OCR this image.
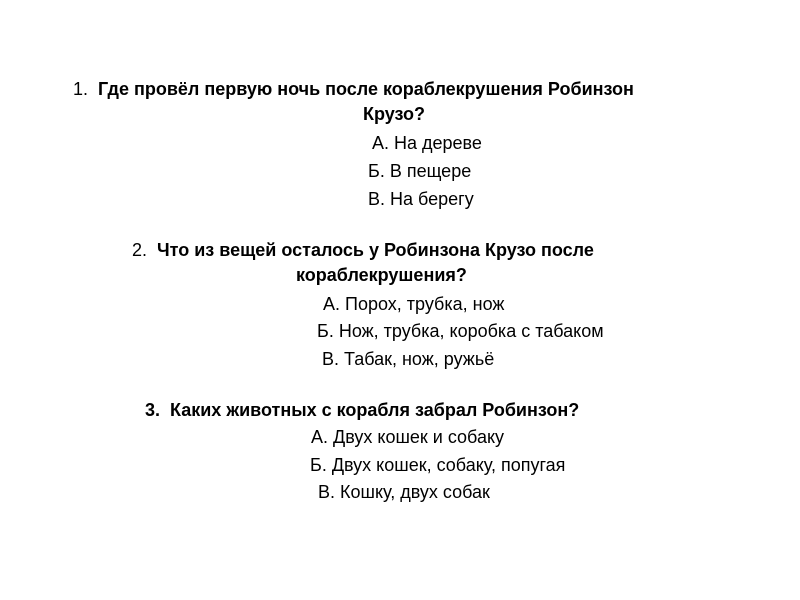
1. Где провёл первую ночь после кораблекрушения Робинзон
Крузо?
А. На дереве
Б. В пещере
В. На берегу
2. Что из вещей осталось у Робинзона Крузо после
кораблекрушения?
А. Порох, трубка, нож
Б. Нож, трубка, коробка с табаком
В. Табак, нож, ружьё
3. Каких животных с корабля забрал Робинзон?
А. Двух кошек и собаку
Б. Двух кошек, собаку, попугая
В. Кошку, двух собак
